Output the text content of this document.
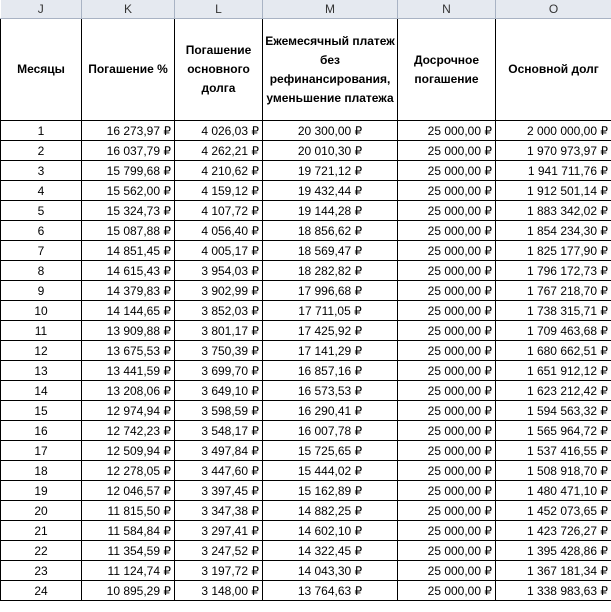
J	K	L	M	N	O
Месяцы	Погашение %	Погашение основного долга	Ежемесячный платеж без рефинансирования, уменьшение платежа	Досрочное погашение	Основной долг
1	16 273,97 ₽	4 026,03 ₽	20 300,00 ₽	25 000,00 ₽	2 000 000,00 ₽
2	16 037,79 ₽	4 262,21 ₽	20 010,30 ₽	25 000,00 ₽	1 970 973,97 ₽
3	15 799,68 ₽	4 210,62 ₽	19 721,12 ₽	25 000,00 ₽	1 941 711,76 ₽
4	15 562,00 ₽	4 159,12 ₽	19 432,44 ₽	25 000,00 ₽	1 912 501,14 ₽
5	15 324,73 ₽	4 107,72 ₽	19 144,28 ₽	25 000,00 ₽	1 883 342,02 ₽
6	15 087,88 ₽	4 056,40 ₽	18 856,62 ₽	25 000,00 ₽	1 854 234,30 ₽
7	14 851,45 ₽	4 005,17 ₽	18 569,47 ₽	25 000,00 ₽	1 825 177,90 ₽
8	14 615,43 ₽	3 954,03 ₽	18 282,82 ₽	25 000,00 ₽	1 796 172,73 ₽
9	14 379,83 ₽	3 902,99 ₽	17 996,68 ₽	25 000,00 ₽	1 767 218,70 ₽
10	14 144,65 ₽	3 852,03 ₽	17 711,05 ₽	25 000,00 ₽	1 738 315,71 ₽
11	13 909,88 ₽	3 801,17 ₽	17 425,92 ₽	25 000,00 ₽	1 709 463,68 ₽
12	13 675,53 ₽	3 750,39 ₽	17 141,29 ₽	25 000,00 ₽	1 680 662,51 ₽
13	13 441,59 ₽	3 699,70 ₽	16 857,16 ₽	25 000,00 ₽	1 651 912,12 ₽
14	13 208,06 ₽	3 649,10 ₽	16 573,53 ₽	25 000,00 ₽	1 623 212,42 ₽
15	12 974,94 ₽	3 598,59 ₽	16 290,41 ₽	25 000,00 ₽	1 594 563,32 ₽
16	12 742,23 ₽	3 548,17 ₽	16 007,78 ₽	25 000,00 ₽	1 565 964,72 ₽
17	12 509,94 ₽	3 497,84 ₽	15 725,65 ₽	25 000,00 ₽	1 537 416,55 ₽
18	12 278,05 ₽	3 447,60 ₽	15 444,02 ₽	25 000,00 ₽	1 508 918,70 ₽
19	12 046,57 ₽	3 397,45 ₽	15 162,89 ₽	25 000,00 ₽	1 480 471,10 ₽
20	11 815,50 ₽	3 347,38 ₽	14 882,25 ₽	25 000,00 ₽	1 452 073,65 ₽
21	11 584,84 ₽	3 297,41 ₽	14 602,10 ₽	25 000,00 ₽	1 423 726,27 ₽
22	11 354,59 ₽	3 247,52 ₽	14 322,45 ₽	25 000,00 ₽	1 395 428,86 ₽
23	11 124,74 ₽	3 197,72 ₽	14 043,30 ₽	25 000,00 ₽	1 367 181,34 ₽
24	10 895,29 ₽	3 148,00 ₽	13 764,63 ₽	25 000,00 ₽	1 338 983,63 ₽
